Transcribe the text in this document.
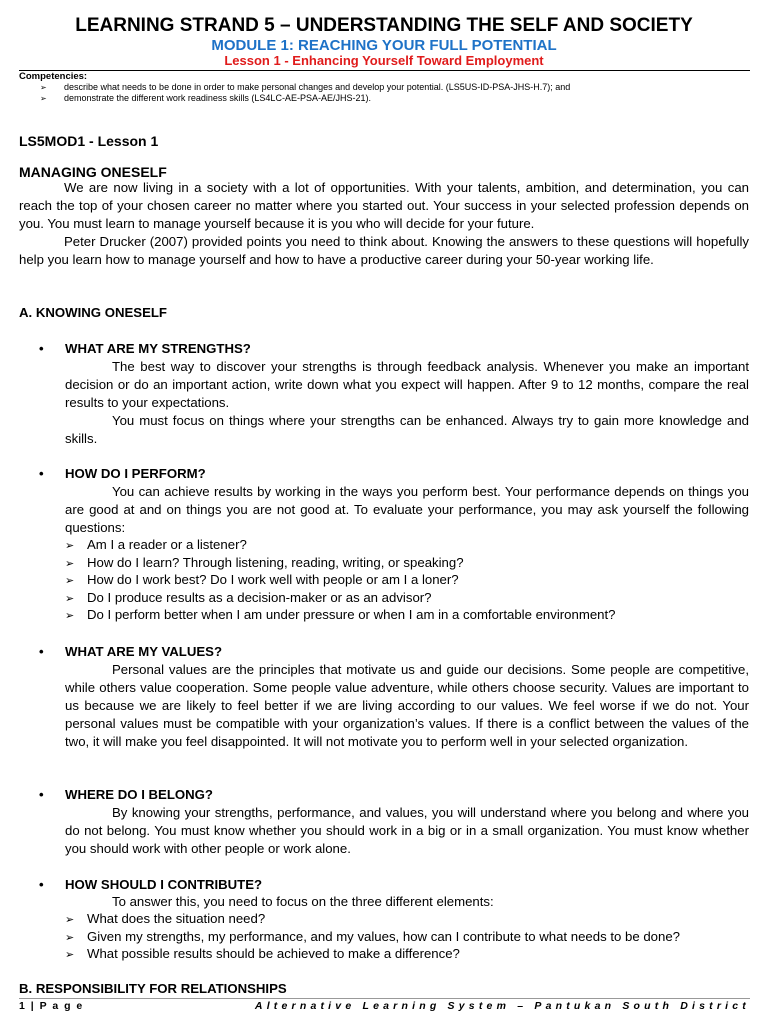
LEARNING STRAND 5 – UNDERSTANDING THE SELF AND SOCIETY
MODULE 1: REACHING YOUR FULL POTENTIAL
Lesson 1 - Enhancing Yourself Toward Employment
Competencies:
➢ describe what needs to be done in order to make personal changes and develop your potential. (LS5US-ID-PSA-JHS-H.7); and
➢ demonstrate the different work readiness skills (LS4LC-AE-PSA-AE/JHS-21).
LS5MOD1 - Lesson 1
MANAGING ONESELF

We are now living in a society with a lot of opportunities. With your talents, ambition, and determination, you can reach the top of your chosen career no matter where you started out. Your success in your selected profession depends on you. You must learn to manage yourself because it is you who will decide for your future.

Peter Drucker (2007) provided points you need to think about. Knowing the answers to these questions will hopefully help you learn how to manage yourself and how to have a productive career during your 50-year working life.

A. KNOWING ONESELF
• WHAT ARE MY STRENGTHS?

The best way to discover your strengths is through feedback analysis. Whenever you make an important decision or do an important action, write down what you expect will happen. After 9 to 12 months, compare the real results to your expectations.

You must focus on things where your strengths can be enhanced. Always try to gain more knowledge and skills.

• HOW DO I PERFORM?

You can achieve results by working in the ways you perform best. Your performance depends on things you are good at and on things you are not good at. To evaluate your performance, you may ask yourself the following questions:

➢ Am I a reader or a listener?
➢ How do I learn? Through listening, reading, writing, or speaking?
➢ How do I work best? Do I work well with people or am I a loner?
➢ Do I produce results as a decision-maker or as an advisor?
➢ Do I perform better when I am under pressure or when I am in a comfortable environment?
• WHAT ARE MY VALUES?

Personal values are the principles that motivate us and guide our decisions. Some people are competitive, while others value cooperation. Some people value adventure, while others choose security. Values are important to us because we are likely to feel better if we are living according to our values. We feel worse if we do not. Your personal values must be compatible with your organization’s values. If there is a conflict between the values of the two, it will make you feel disappointed. It will not motivate you to perform well in your selected organization.

• WHERE DO I BELONG?

By knowing your strengths, performance, and values, you will understand where you belong and where you do not belong. You must know whether you should work in a big or in a small organization. You must know whether you should work with other people or work alone.

• HOW SHOULD I CONTRIBUTE?

To answer this, you need to focus on the three different elements:

➢ What does the situation need?
➢ Given my strengths, my performance, and my values, how can I contribute to what needs to be done?
➢ What possible results should be achieved to make a difference?
B. RESPONSIBILITY FOR RELATIONSHIPS
1 | P a g e	Alternative Learning System – Pantukan South District
